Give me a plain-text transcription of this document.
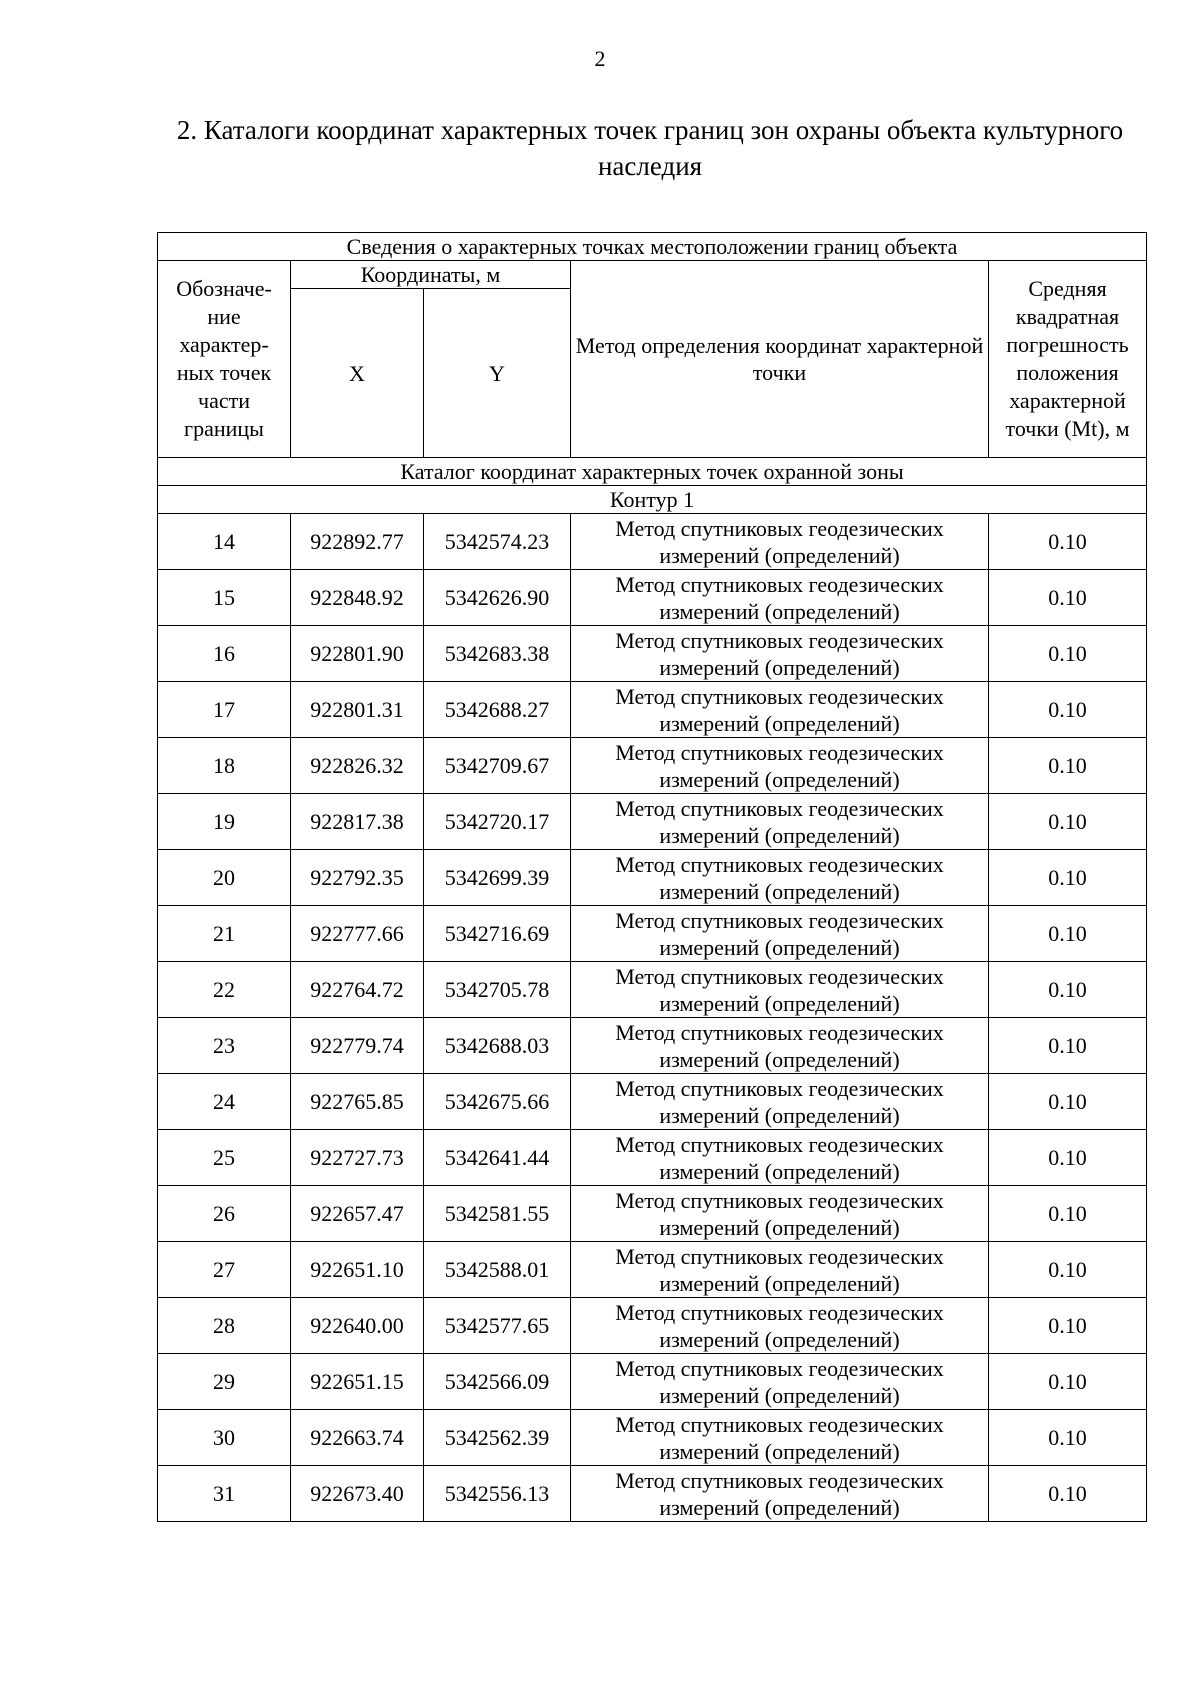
2
2. Каталоги координат характерных точек границ зон охраны объекта культурного наследия
Сведения о характерных точках местоположении границ объекта				
Обозначе-ние характер-ных точек части границы	Координаты, м		Метод определения координат характерной точки	Средняя квадратная погрешность положения характерной точки (Mt), м
	X	Y		
Каталог координат характерных точек охранной зоны				
Контур 1				
14	922892.77	5342574.23	Метод спутниковых геодезических измерений (определений)	0.10
15	922848.92	5342626.90	Метод спутниковых геодезических измерений (определений)	0.10
16	922801.90	5342683.38	Метод спутниковых геодезических измерений (определений)	0.10
17	922801.31	5342688.27	Метод спутниковых геодезических измерений (определений)	0.10
18	922826.32	5342709.67	Метод спутниковых геодезических измерений (определений)	0.10
19	922817.38	5342720.17	Метод спутниковых геодезических измерений (определений)	0.10
20	922792.35	5342699.39	Метод спутниковых геодезических измерений (определений)	0.10
21	922777.66	5342716.69	Метод спутниковых геодезических измерений (определений)	0.10
22	922764.72	5342705.78	Метод спутниковых геодезических измерений (определений)	0.10
23	922779.74	5342688.03	Метод спутниковых геодезических измерений (определений)	0.10
24	922765.85	5342675.66	Метод спутниковых геодезических измерений (определений)	0.10
25	922727.73	5342641.44	Метод спутниковых геодезических измерений (определений)	0.10
26	922657.47	5342581.55	Метод спутниковых геодезических измерений (определений)	0.10
27	922651.10	5342588.01	Метод спутниковых геодезических измерений (определений)	0.10
28	922640.00	5342577.65	Метод спутниковых геодезических измерений (определений)	0.10
29	922651.15	5342566.09	Метод спутниковых геодезических измерений (определений)	0.10
30	922663.74	5342562.39	Метод спутниковых геодезических измерений (определений)	0.10
31	922673.40	5342556.13	Метод спутниковых геодезических измерений (определений)	0.10
